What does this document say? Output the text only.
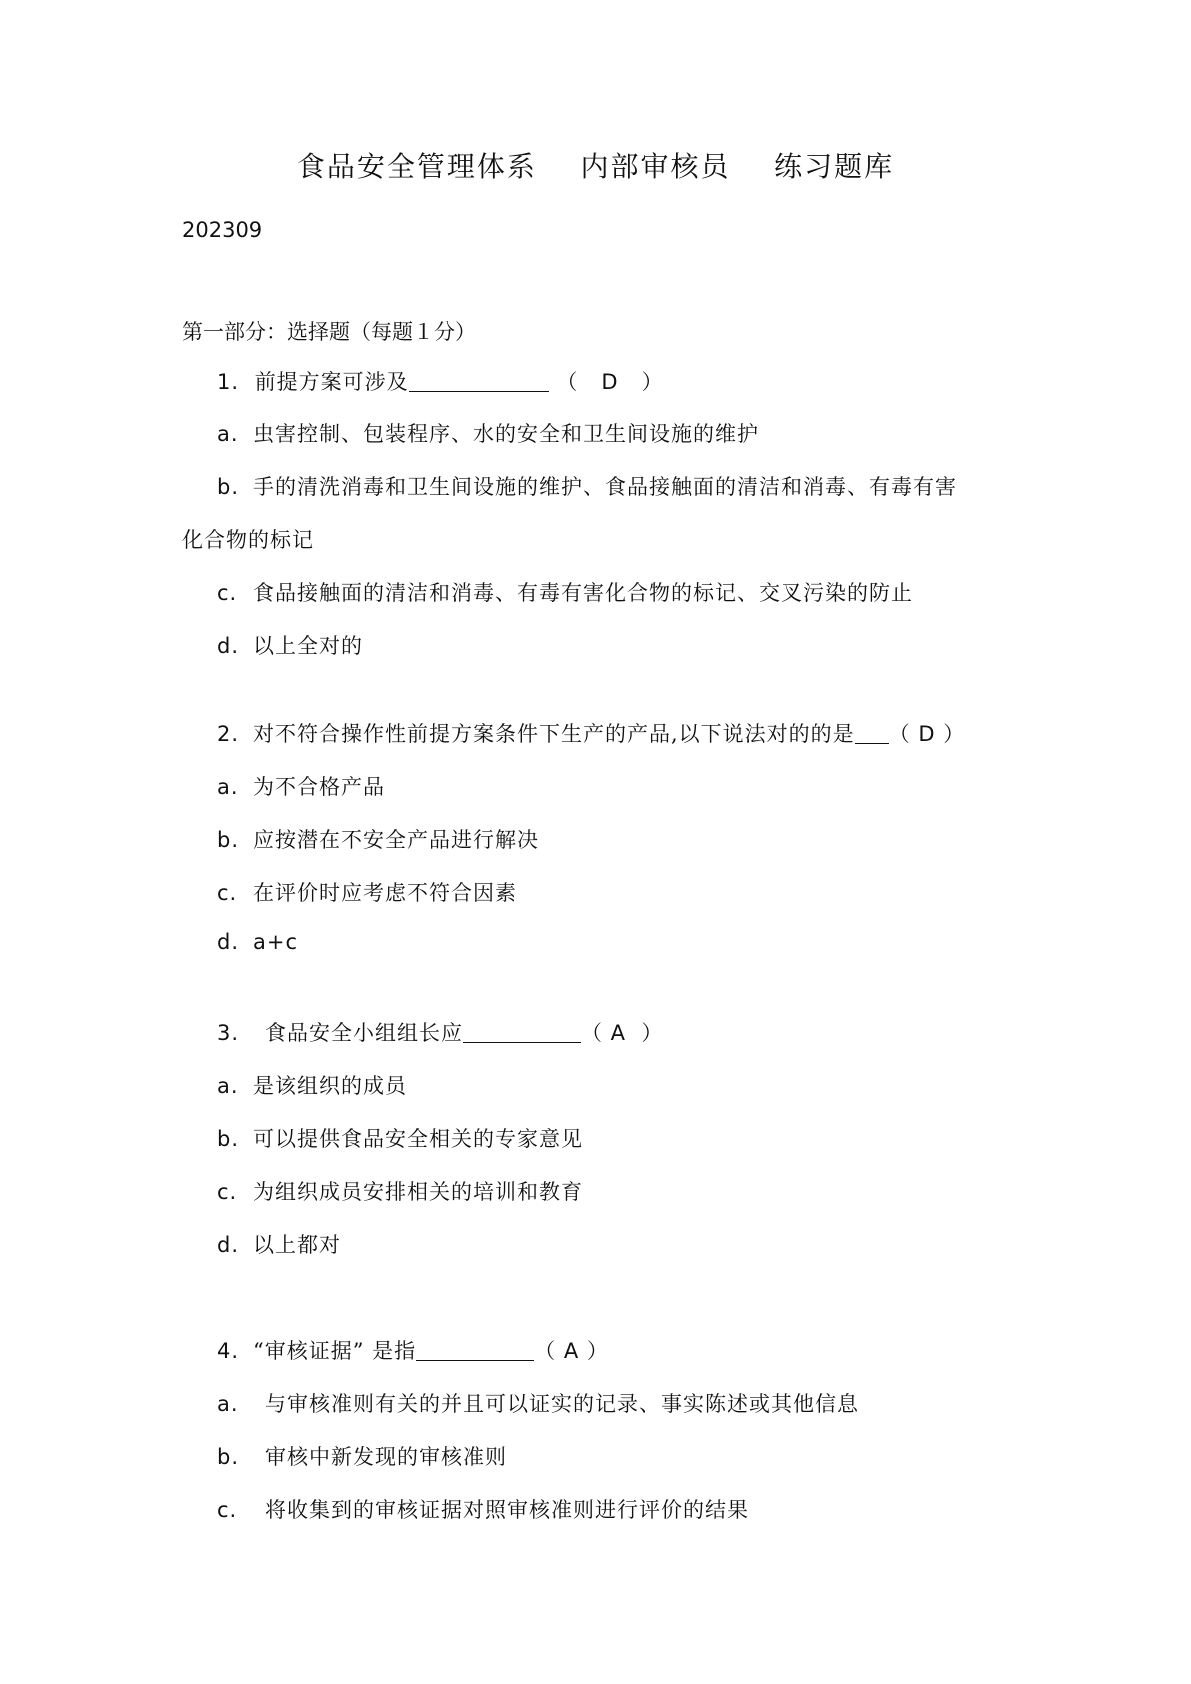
食品安全管理体系    内部审核员    练习题库
202309
第一部分：选择题（每题１分）
1. 前提方案可涉及	（   D   ）
a. 虫害控制、包装程序、水的安全和卫生间设施的维护
b. 手的清洗消毒和卫生间设施的维护、食品接触面的清洁和消毒、有毒有害
化合物的标记
c. 食品接触面的清洁和消毒、有毒有害化合物的标记、交叉污染的防止
d. 以上全对的
2. 对不符合操作性前提方案条件下生产的产品,以下说法对的的是 （ D ）
a. 为不合格产品
b. 应按潜在不安全产品进行解决
c. 在评价时应考虑不符合因素
d. a+c
3. 食品安全小组组长应	（ A  ）
a. 是该组织的成员
b. 可以提供食品安全相关的专家意见
c. 为组织成员安排相关的培训和教育
d. 以上都对
4. “审核证据” 是指	（ A ）
a. 与审核准则有关的并且可以证实的记录、事实陈述或其他信息
b. 审核中新发现的审核准则
c. 将收集到的审核证据对照审核准则进行评价的结果
